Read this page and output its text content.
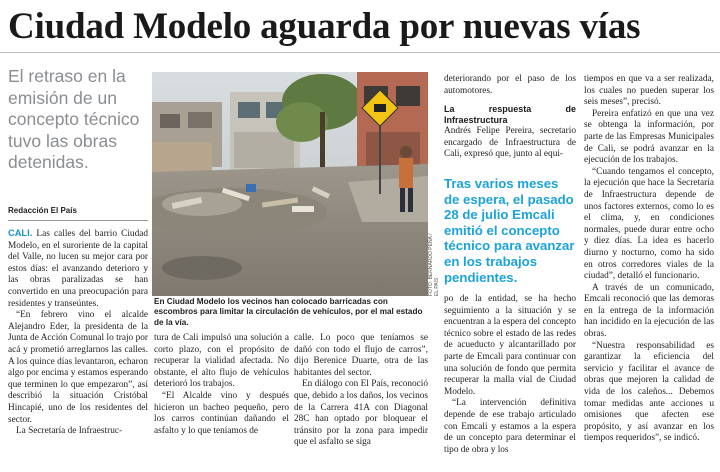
Ciudad Modelo aguarda por nuevas vías
El retraso en la emisión de un concepto técnico tuvo las obras detenidas.
Redacción El País

CALI. Las calles del barrio Ciudad Modelo, en el suroriente de la capital del Valle, no lucen su mejor cara por estos días: el avanzando deterioro y las obras paralizadas se han convertido en una preocupación para residentes y transeúntes.

“En febrero vino el alcalde Alejandro Eder, la presidenta de la Junta de Acción Comunal lo trajo por acá y prometió arreglarnos las calles. A los quince días levantaron, echaron algo por encima y estamos esperando que terminen lo que empezaron”, así describió la situación Cristóbal Hincapié, uno de los residentes del sector.

La Secretaría de Infraestruc-

FOTO: BERNARDO PEÑA / EL PAÍS
En Ciudad Modelo los vecinos han colocado barricadas con escombros para limitar la circulación de vehículos, por el mal estado de la vía.

tura de Cali impulsó una solución a corto plazo, con el propósito de recuperar la vialidad afectada. No obstante, el alto flujo de vehículos deterioró los trabajos.

“El Alcalde vino y después hicieron un bacheo pequeño, pero los carros continúan dañando el asfalto y lo que teníamos de

calle. Lo poco que teníamos se dañó con todo el flujo de carros”, dijo Berenice Duarte, otra de las habitantes del sector.

En diálogo con El País, reconoció que, debido a los daños, los vecinos de la Carrera 41A con Diagonal 28C han optado por bloquear el tránsito por la zona para impedir que el asfalto se siga

deteriorando por el paso de los automotores.

La respuesta de Infraestructura

Andrés Felipe Pereira, secretario encargado de Infraestructura de Cali, expresó que, junto al equi-

Tras varios meses de espera, el pasado 28 de julio Emcali emitió el concepto técnico para avanzar en los trabajos pendientes.

po de la entidad, se ha hecho seguimiento a la situación y se encuentran a la espera del concepto técnico sobre el estado de las redes de acueducto y alcantarillado por parte de Emcali para continuar con una solución de fondo que permita recuperar la malla vial de Ciudad Modelo.

“La intervención definitiva depende de ese trabajo articulado con Emcali y estamos a la espera de un concepto para determinar el tipo de obra y los

tiempos en que va a ser realizada, los cuales no pueden superar los seis meses”, precisó.

Pereira enfatizó en que una vez se obtenga la información, por parte de las Empresas Municipales de Cali, se podrá avanzar en la ejecución de los trabajos.

“Cuando tengamos el concepto, la ejecución que hace la Secretaría de Infraestructura depende de unos factores externos, como lo es el clima, y, en condiciones normales, puede durar entre ocho y diez días. La idea es hacerlo diurno y nocturno, como ha sido en otros corredores viales de la ciudad”, detalló el funcionario.

A través de un comunicado, Emcali reconoció que las demoras en la entrega de la información han incidido en la ejecución de las obras.

“Nuestra responsabilidad es garantizar la eficiencia del servicio y facilitar el avance de obras que mejoren la calidad de vida de los caleños... Debemos tomar medidas ante acciones u omisiones que afecten ese propósito, y así avanzar en los tiempos requeridos”, se indicó.
